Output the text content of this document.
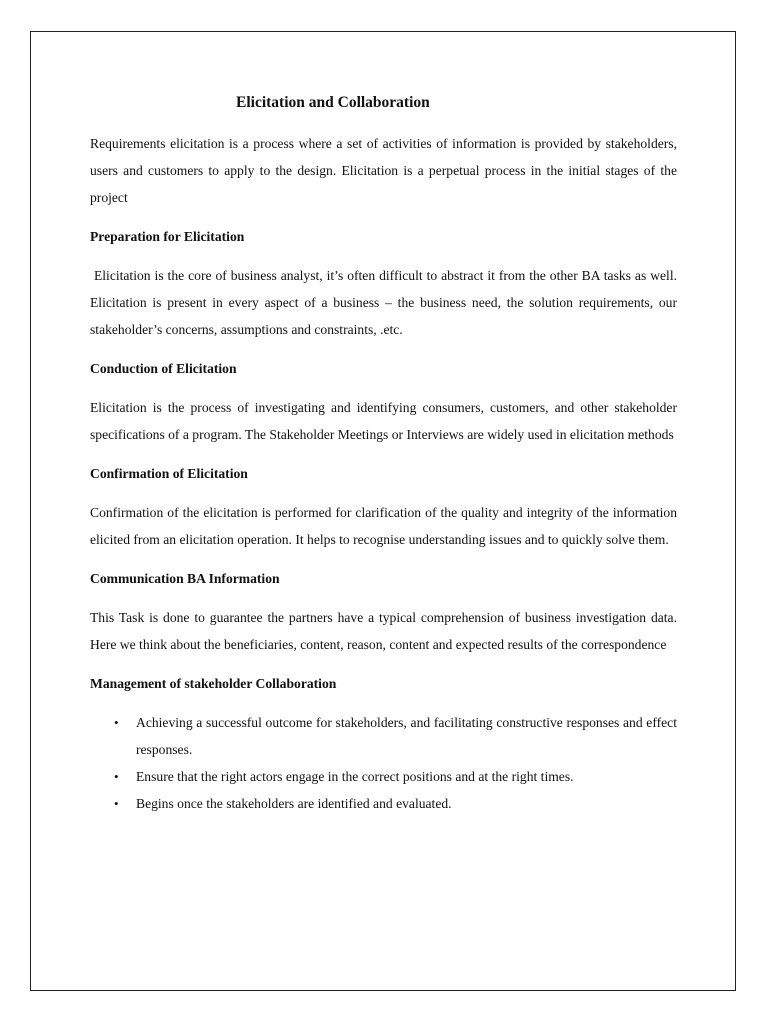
Elicitation and Collaboration

Requirements elicitation is a process where a set of activities of information is provided by stakeholders, users and customers to apply to the design. Elicitation is a perpetual process in the initial stages of the project

Preparation for Elicitation

Elicitation is the core of business analyst, it’s often difficult to abstract it from the other BA tasks as well. Elicitation is present in every aspect of a business – the business need, the solution requirements, our stakeholder’s concerns, assumptions and constraints, .etc.

Conduction of Elicitation

Elicitation is the process of investigating and identifying consumers, customers, and other stakeholder specifications of a program. The Stakeholder Meetings or Interviews are widely used in elicitation methods

Confirmation of Elicitation

Confirmation of the elicitation is performed for clarification of the quality and integrity of the information elicited from an elicitation operation. It helps to recognise understanding issues and to quickly solve them.

Communication BA Information

This Task is done to guarantee the partners have a typical comprehension of business investigation data. Here we think about the beneficiaries, content, reason, content and expected results of the correspondence

Management of stakeholder Collaboration
• Achieving a successful outcome for stakeholders, and facilitating constructive responses and effect responses.
• Ensure that the right actors engage in the correct positions and at the right times.
• Begins once the stakeholders are identified and evaluated.
